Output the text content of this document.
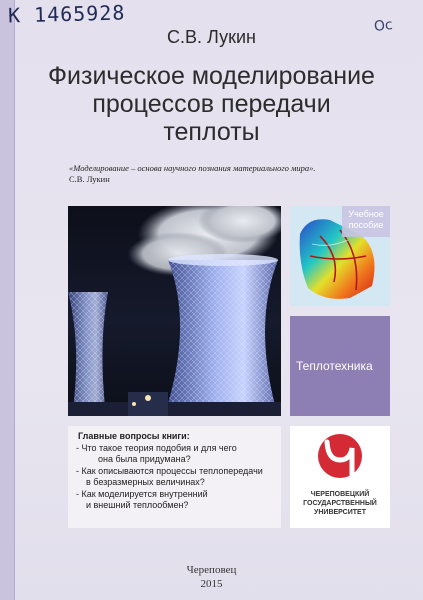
K 1465928	Oc
С.В. Лукин
Физическое моделирование
процессов передачи
теплоты
«Моделирование – основа научного познания материального мира».
С.В. Лукин
Учебное
пособие
Теплотехника
Главные вопросы книги:
- Что такое теория подобия и для чего
она была придумана?
- Как описываются процессы теплопередачи
в безразмерных величинах?
- Как моделируется внутренний
и внешний теплообмен?
ЧЕРЕПОВЕЦКИЙ
ГОСУДАРСТВЕННЫЙ
УНИВЕРСИТЕТ
Череповец
2015
